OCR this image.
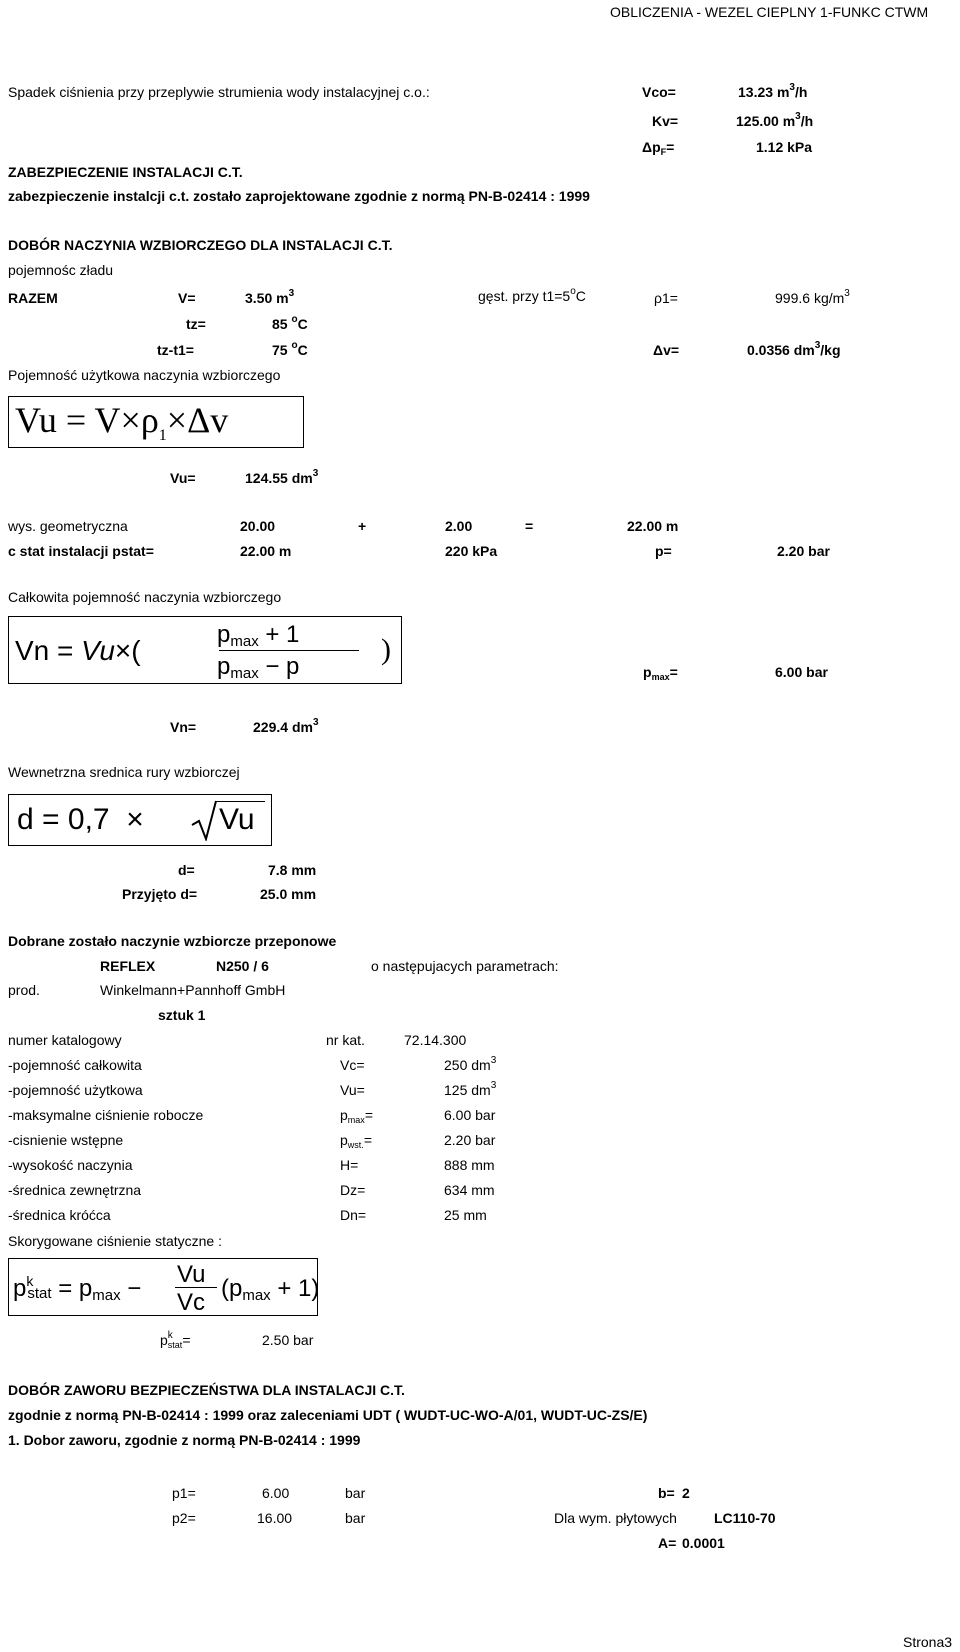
OBLICZENIA - WEZEL CIEPLNY 1-FUNKC CTWM
Spadek ciśnienia przy przeplywie strumienia wody instalacyjnej c.o.:	Vco=	13.23 $m^3/h$
Kv=	125.00 $m^3/h$
$\Delta p_F=$	1.12 kPa
ZABEZPIECZENIE INSTALACJI C.T.
zabezpieczenie instalcji c.t. zostało zaprojektowane zgodnie z normą PN-B-02414 : 1999
DOBÓR NACZYNIA WZBIORCZEGO DLA INSTALACJI C.T.
pojemnośc zładu
RAZEM	V=	3.50 $m^3$	gęst. przy $t1=5^oC$	ρ1=	999.6 $kg/m^3$
tz=	85 $^o$C
tz-t1=	75 $^o$C	Δv=	0.0356 $dm^3/kg$
Pojemność użytkowa naczynia wzbiorczego
$Vu = V\times\rho_1\times\Delta v$
Vu=	124.55 $dm^3$
wys. geometryczna	20.00	+	2.00	=	22.00 m
c stat instalacji pstat=	22.00 m	220 kPa	p=	2.20 bar
Całkowita pojemność naczynia wzbiorczego
Vn = Vu×(
$p_{max} + 1$
$p_{max} - p$
)
$p_{max}=$	6.00 bar
Vn=	229.4 $dm^3$
Wewnetrzna srednica rury wzbiorczej
d = 0,7 ×	Vu
d=	7.8 mm
Przyjęto d=	25.0 mm
Dobrane zostało naczynie wzbiorcze przeponowe
REFLEX	N250 / 6	o następujacych parametrach:
prod.	Winkelmann+Pannhoff GmbH
sztuk 1
numer katalogowy	nr kat.	72.14.300
-pojemność całkowita	Vc=	250 $dm^3$
-pojemność użytkowa	Vu=	125 $dm^3$
-maksymalne ciśnienie robocze	$p_{max}=$	6.00 bar
-cisnienie wstępne	$p_{wst.}=$	2.20 bar
-wysokość naczynia	H=	888 mm
-średnica zewnętrzna	Dz=	634 mm
-średnica króćca	Dn=	25 mm
Skorygowane ciśnienie statyczne :
$p^k_{stat} = p_{max}$ −
Vu
Vc
$(p_{max} + 1)$
$p^k_{stat}=$	2.50 bar
DOBÓR ZAWORU BEZPIECZEŃSTWA DLA INSTALACJI C.T.
zgodnie z normą PN-B-02414 : 1999 oraz zaleceniami UDT ( WUDT-UC-WO-A/01, WUDT-UC-ZS/E)
1. Dobor zaworu, zgodnie z normą PN-B-02414 : 1999
p1=	6.00	bar	b= 2
p2=	16.00	bar	Dla wym. płytowych	LC110-70
A= 0.0001
Strona3
